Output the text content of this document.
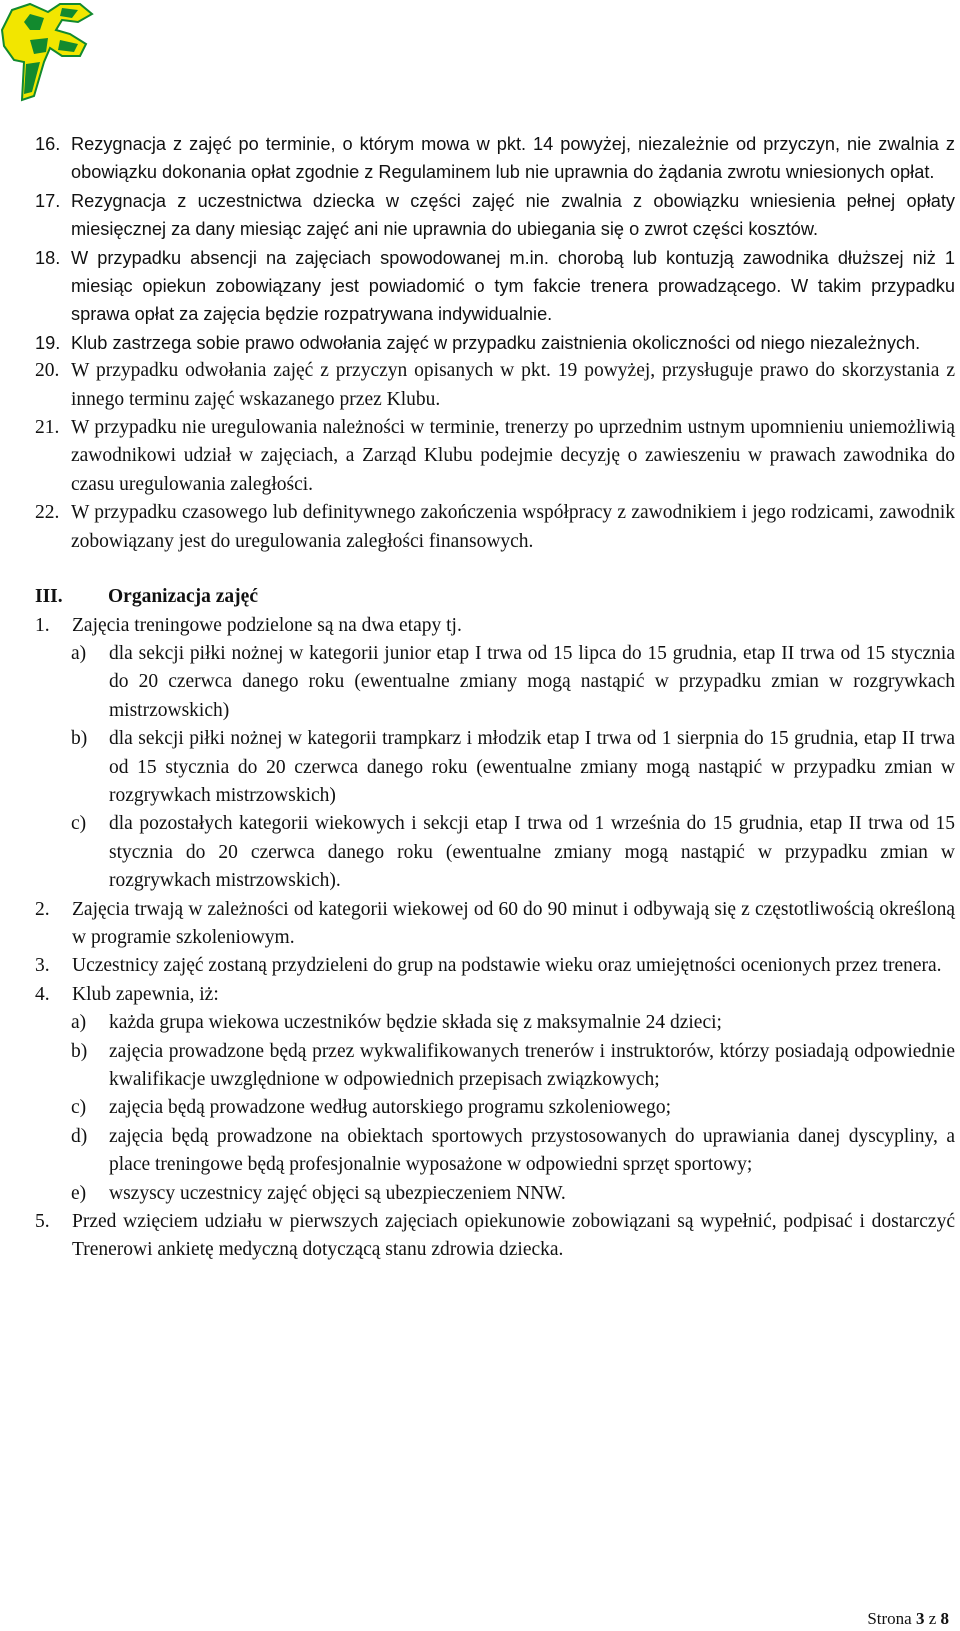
16. Rezygnacja z zajęć po terminie, o którym mowa w pkt. 14 powyżej, niezależnie od przyczyn, nie zwalnia z obowiązku dokonania opłat zgodnie z Regulaminem lub nie uprawnia do żądania zwrotu wniesionych opłat.
17. Rezygnacja z uczestnictwa dziecka w części zajęć nie zwalnia z obowiązku wniesienia pełnej opłaty miesięcznej za dany miesiąc zajęć ani nie uprawnia do ubiegania się o zwrot części kosztów.
18. W przypadku absencji na zajęciach spowodowanej m.in. chorobą lub kontuzją zawodnika dłuższej niż 1 miesiąc opiekun zobowiązany jest powiadomić o tym fakcie trenera prowadzącego. W takim przypadku sprawa opłat za zajęcia będzie rozpatrywana indywidualnie.
19. Klub zastrzega sobie prawo odwołania zajęć w przypadku zaistnienia okoliczności od niego niezależnych.
20. W przypadku odwołania zajęć z przyczyn opisanych w pkt. 19 powyżej, przysługuje prawo do skorzystania z innego terminu zajęć wskazanego przez Klubu.
21. W przypadku nie uregulowania należności w terminie, trenerzy po uprzednim ustnym upomnieniu uniemożliwią zawodnikowi udział w zajęciach, a Zarząd Klubu podejmie decyzję o zawieszeniu w prawach zawodnika do czasu uregulowania zaległości.
22. W przypadku czasowego lub definitywnego zakończenia współpracy z zawodnikiem i jego rodzicami, zawodnik zobowiązany jest do uregulowania zaległości finansowych.
III.	Organizacja zajęć
1.	Zajęcia treningowe podzielone są na dwa etapy tj.
a)	dla sekcji piłki nożnej w kategorii junior etap I trwa od 15 lipca do 15 grudnia, etap II trwa od 15 stycznia do 20 czerwca danego roku (ewentualne zmiany mogą nastąpić w przypadku zmian w rozgrywkach mistrzowskich)
b)	dla sekcji piłki nożnej w kategorii trampkarz i młodzik etap I trwa od 1 sierpnia do 15 grudnia, etap II trwa od 15 stycznia do 20 czerwca danego roku (ewentualne zmiany mogą nastąpić w przypadku zmian w rozgrywkach mistrzowskich)
c)	dla pozostałych kategorii wiekowych i sekcji etap I trwa od 1 września do 15 grudnia, etap II trwa od 15 stycznia do 20 czerwca danego roku (ewentualne zmiany mogą nastąpić w przypadku zmian w rozgrywkach mistrzowskich).
2.	Zajęcia trwają w zależności od kategorii wiekowej od 60 do 90 minut i odbywają się z częstotliwością określoną w programie szkoleniowym.
3.	Uczestnicy zajęć zostaną przydzieleni do grup na podstawie wieku oraz umiejętności ocenionych przez trenera.
4.	Klub zapewnia, iż:
a)	każda grupa wiekowa uczestników będzie składa się z maksymalnie 24 dzieci;
b)	zajęcia prowadzone będą przez wykwalifikowanych trenerów i instruktorów, którzy posiadają odpowiednie kwalifikacje uwzględnione w odpowiednich przepisach związkowych;
c)	zajęcia będą prowadzone według autorskiego programu szkoleniowego;
d)	zajęcia będą prowadzone na obiektach sportowych przystosowanych do uprawiania danej dyscypliny, a place treningowe będą profesjonalnie wyposażone w odpowiedni sprzęt sportowy;
e)	wszyscy uczestnicy zajęć objęci są ubezpieczeniem NNW.
5.	Przed wzięciem udziału w pierwszych zajęciach opiekunowie zobowiązani są wypełnić, podpisać i dostarczyć Trenerowi ankietę medyczną dotyczącą stanu zdrowia dziecka.
Strona 3 z 8
